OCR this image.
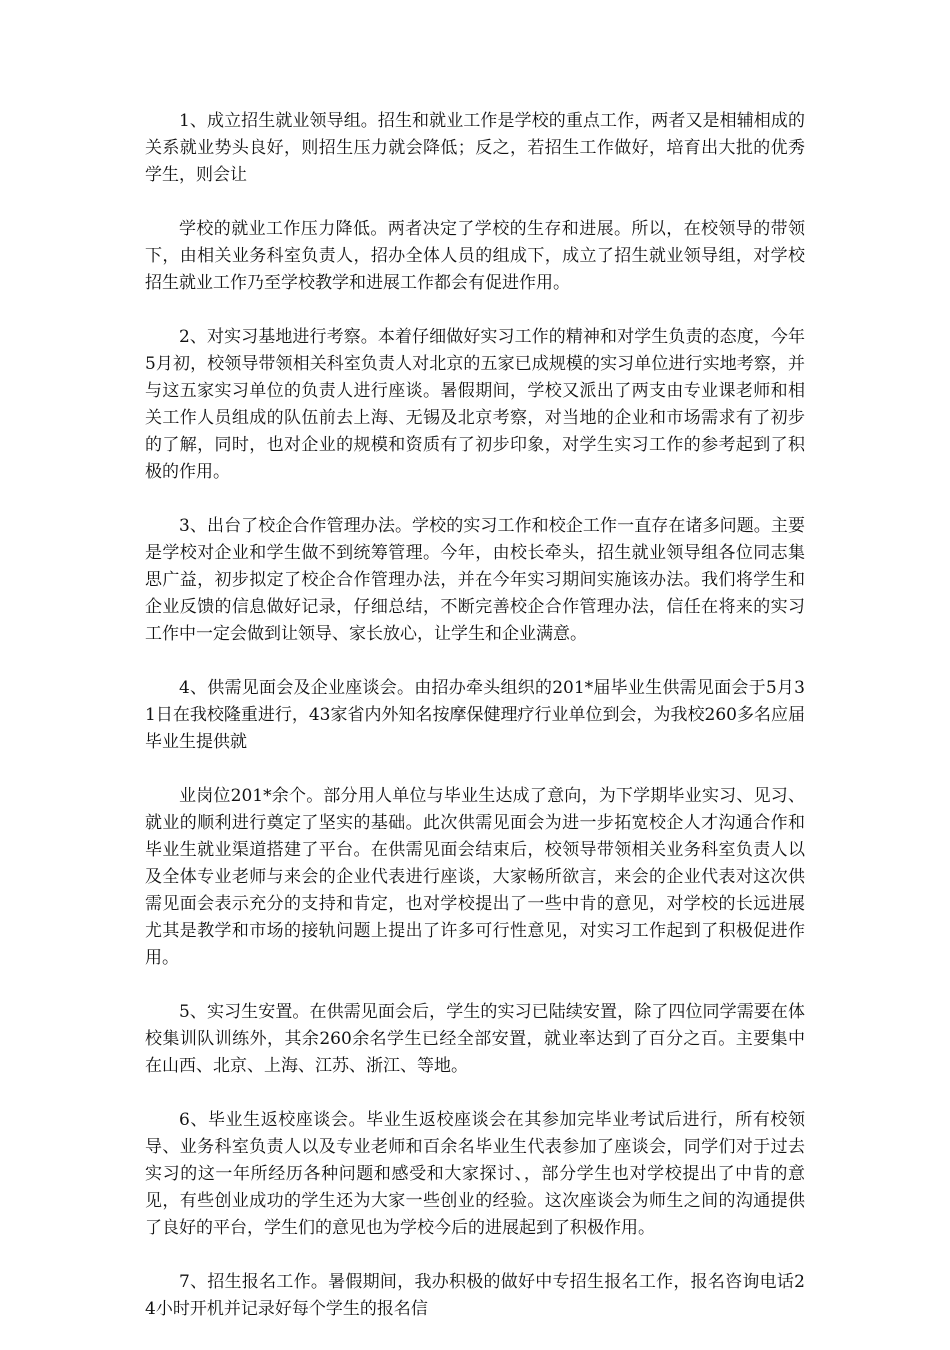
1、成立招生就业领导组。招生和就业工作是学校的重点工作，两者又是相辅相成的关系就业势头良好，则招生压力就会降低；反之，若招生工作做好，培育出大批的优秀学生，则会让

学校的就业工作压力降低。两者决定了学校的生存和进展。所以，在校领导的带领下，由相关业务科室负责人，招办全体人员的组成下，成立了招生就业领导组，对学校招生就业工作乃至学校教学和进展工作都会有促进作用。

2、对实习基地进行考察。本着仔细做好实习工作的精神和对学生负责的态度，今年5月初，校领导带领相关科室负责人对北京的五家已成规模的实习单位进行实地考察，并与这五家实习单位的负责人进行座谈。暑假期间，学校又派出了两支由专业课老师和相关工作人员组成的队伍前去上海、无锡及北京考察，对当地的企业和市场需求有了初步的了解，同时，也对企业的规模和资质有了初步印象，对学生实习工作的参考起到了积极的作用。

3、出台了校企合作管理办法。学校的实习工作和校企工作一直存在诸多问题。主要是学校对企业和学生做不到统筹管理。今年，由校长牵头，招生就业领导组各位同志集思广益，初步拟定了校企合作管理办法，并在今年实习期间实施该办法。我们将学生和企业反馈的信息做好记录，仔细总结，不断完善校企合作管理办法，信任在将来的实习工作中一定会做到让领导、家长放心，让学生和企业满意。

4、供需见面会及企业座谈会。由招办牵头组织的201*届毕业生供需见面会于5月31日在我校隆重进行，43家省内外知名按摩保健理疗行业单位到会，为我校260多名应届毕业生提供就

业岗位201*余个。部分用人单位与毕业生达成了意向，为下学期毕业实习、见习、就业的顺利进行奠定了坚实的基础。此次供需见面会为进一步拓宽校企人才沟通合作和毕业生就业渠道搭建了平台。在供需见面会结束后，校领导带领相关业务科室负责人以及全体专业老师与来会的企业代表进行座谈，大家畅所欲言，来会的企业代表对这次供需见面会表示充分的支持和肯定，也对学校提出了一些中肯的意见，对学校的长远进展尤其是教学和市场的接轨问题上提出了许多可行性意见，对实习工作起到了积极促进作用。

5、实习生安置。在供需见面会后，学生的实习已陆续安置，除了四位同学需要在体校集训队训练外，其余260余名学生已经全部安置，就业率达到了百分之百。主要集中在山西、北京、上海、江苏、浙江、等地。

6、毕业生返校座谈会。毕业生返校座谈会在其参加完毕业考试后进行，所有校领导、业务科室负责人以及专业老师和百余名毕业生代表参加了座谈会，同学们对于过去实习的这一年所经历各种问题和感受和大家探讨、，部分学生也对学校提出了中肯的意见，有些创业成功的学生还为大家一些创业的经验。这次座谈会为师生之间的沟通提供了良好的平台，学生们的意见也为学校今后的进展起到了积极作用。

7、招生报名工作。暑假期间，我办积极的做好中专招生报名工作，报名咨询电话24小时开机并记录好每个学生的报名信
